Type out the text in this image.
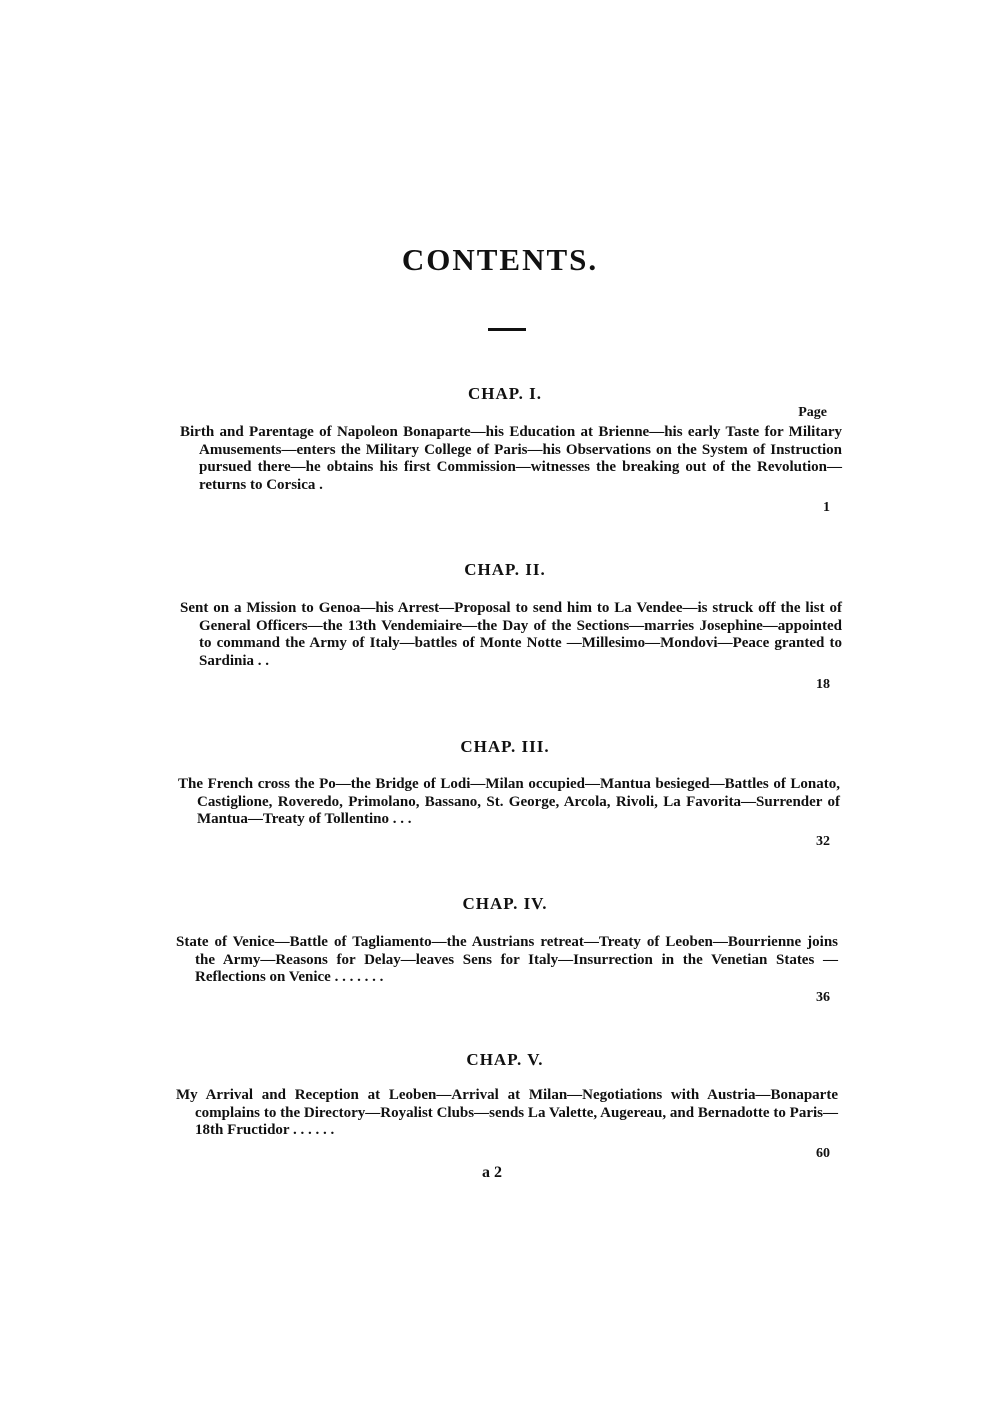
CONTENTS.
CHAP. I.
Page

Birth and Parentage of Napoleon Bonaparte—his Education at Brienne—his early Taste for Military Amusements—enters the Military College of Paris—his Observations on the System of Instruction pursued there—he obtains his first Commission—witnesses the breaking out of the Revolution—returns to Corsica .

1
CHAP. II.

Sent on a Mission to Genoa—his Arrest—Proposal to send him to La Vendee—is struck off the list of General Officers—the 13th Vendemiaire—the Day of the Sections—marries Josephine—appointed to command the Army of Italy—battles of Monte Notte —Millesimo—Mondovi—Peace granted to Sardinia . .

18
CHAP. III.

The French cross the Po—the Bridge of Lodi—Milan occupied—Mantua besieged—Battles of Lonato, Castiglione, Roveredo, Primolano, Bassano, St. George, Arcola, Rivoli, La Favorita—Surrender of Mantua—Treaty of Tollentino . . .

32
CHAP. IV.

State of Venice—Battle of Tagliamento—the Austrians retreat—Treaty of Leoben—Bourrienne joins the Army—Reasons for Delay—leaves Sens for Italy—Insurrection in the Venetian States —Reflections on Venice . . . . . . .

36
CHAP. V.

My Arrival and Reception at Leoben—Arrival at Milan—Negotiations with Austria—Bonaparte complains to the Directory—Royalist Clubs—sends La Valette, Augereau, and Bernadotte to Paris—18th Fructidor . . . . . .

60
a 2
